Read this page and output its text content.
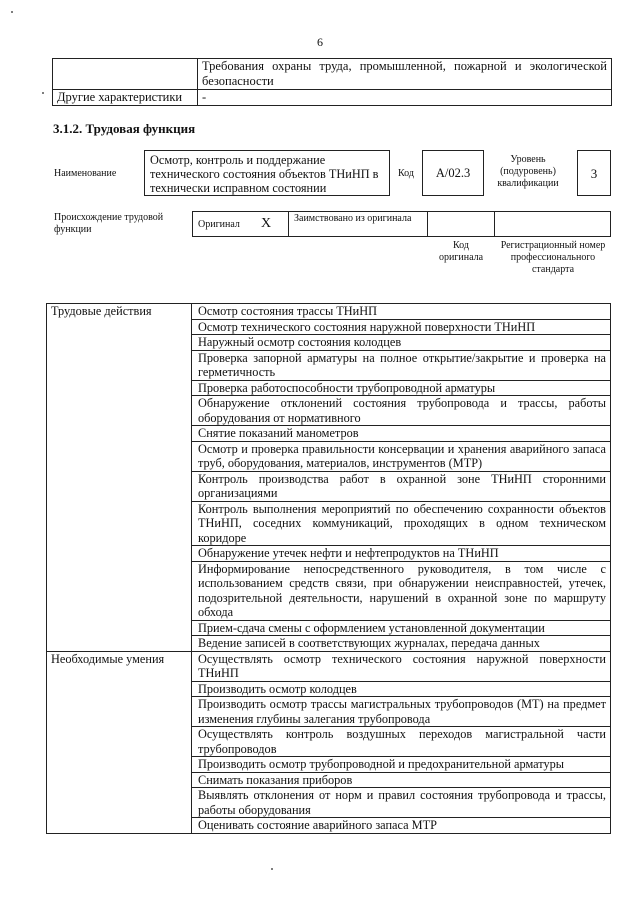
6
	Требования охраны труда, промышленной, пожарной и экологической безопасности
Другие характеристики	-
3.1.2. Трудовая функция
Наименование
Осмотр, контроль и поддержание технического состояния объектов ТНиНП в технически исправном состоянии
Код	А/02.3
Уровень (подуровень) квалификации
3
Происхождение трудовой функции	Оригинал X	Заимствовано из оригинала
Код оригинала
Регистрационный номер профессионального стандарта
Трудовые действия	Осмотр состояния трассы ТНиНП
	Осмотр технического состояния наружной поверхности ТНиНП
	Наружный осмотр состояния колодцев
	Проверка запорной арматуры на полное открытие/закрытие и проверка на герметичность
	Проверка работоспособности трубопроводной арматуры
	Обнаружение отклонений состояния трубопровода и трассы, работы оборудования от нормативного
	Снятие показаний манометров
	Осмотр и проверка правильности консервации и хранения аварийного запаса труб, оборудования, материалов, инструментов (МТР)
	Контроль производства работ в охранной зоне ТНиНП сторонними организациями
	Контроль выполнения мероприятий по обеспечению сохранности объектов ТНиНП, соседних коммуникаций, проходящих в одном техническом коридоре
	Обнаружение утечек нефти и нефтепродуктов на ТНиНП
	Информирование непосредственного руководителя, в том числе с использованием средств связи, при обнаружении неисправностей, утечек, подозрительной деятельности, нарушений в охранной зоне по маршруту обхода
	Прием-сдача смены с оформлением установленной документации
	Ведение записей в соответствующих журналах, передача данных
Необходимые умения	Осуществлять осмотр технического состояния наружной поверхности ТНиНП
	Производить осмотр колодцев
	Производить осмотр трассы магистральных трубопроводов (МТ) на предмет изменения глубины залегания трубопровода
	Осуществлять контроль воздушных переходов магистральной части трубопроводов
	Производить осмотр трубопроводной и предохранительной арматуры
	Снимать показания приборов
	Выявлять отклонения от норм и правил состояния трубопровода и трассы, работы оборудования
	Оценивать состояние аварийного запаса МТР
